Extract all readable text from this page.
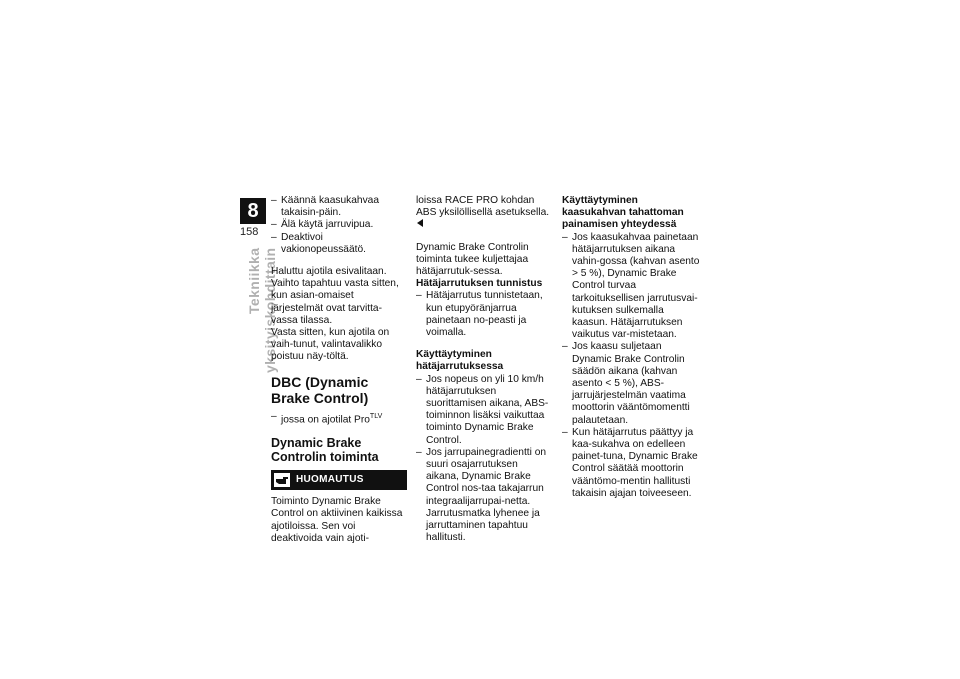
8
158
Tekniikka yksityiskohdittain
– Käännä kaasukahvaa takaisin-päin.
– Älä käytä jarruvipua.
– Deaktivoi vakionopeussäätö.

Haluttu ajotila esivalitaan. Vaihto tapahtuu vasta sitten, kun asian-omaiset järjestelmät ovat tarvitta-vassa tilassa.

Vasta sitten, kun ajotila on vaih-tunut, valintavalikko poistuu näy-töltä.

DBC (Dynamic Brake Control)
– jossa on ajotilat Pro$^{TLV}$
Dynamic Brake Controlin toiminta
HUOMAUTUS

Toiminto Dynamic Brake Control on aktiivinen kaikissa ajotiloissa. Sen voi deaktivoida vain ajoti-

loissa RACE PRO kohdan ABS yksilöllisellä asetuksella.

Dynamic Brake Controlin toiminta tukee kuljettajaa hätäjarrutuk-sessa.

Hätäjarrutuksen tunnistus
– Hätäjarrutus tunnistetaan, kun etupyöränjarrua painetaan no-peasti ja voimalla.
Käyttäytyminen hätäjarrutuksessa
– Jos nopeus on yli 10 km/h hätäjarrutuksen suorittamisen aikana, ABS-toiminnon lisäksi vaikuttaa toiminto Dynamic Brake Control.
– Jos jarrupainegradientti on suuri osajarrutuksen aikana, Dynamic Brake Control nos-taa takajarrun integraalijarrupai-netta. Jarrutusmatka lyhenee ja jarruttaminen tapahtuu hallitusti.
Käyttäytyminen kaasukahvan tahattoman painamisen yhteydessä
– Jos kaasukahvaa painetaan hätäjarrutuksen aikana vahin-gossa (kahvan asento > 5 %), Dynamic Brake Control turvaa tarkoituksellisen jarrutusvai-kutuksen sulkemalla kaasun. Hätäjarrutuksen vaikutus var-mistetaan.
– Jos kaasu suljetaan Dynamic Brake Controlin säädön aikana (kahvan asento < 5 %), ABS-jarrujärjestelmän vaatima moottorin vääntömomentti palautetaan.
– Kun hätäjarrutus päättyy ja kaa-sukahva on edelleen painet-tuna, Dynamic Brake Control säätää moottorin vääntömo-mentin hallitusti takaisin ajajan toiveeseen.
